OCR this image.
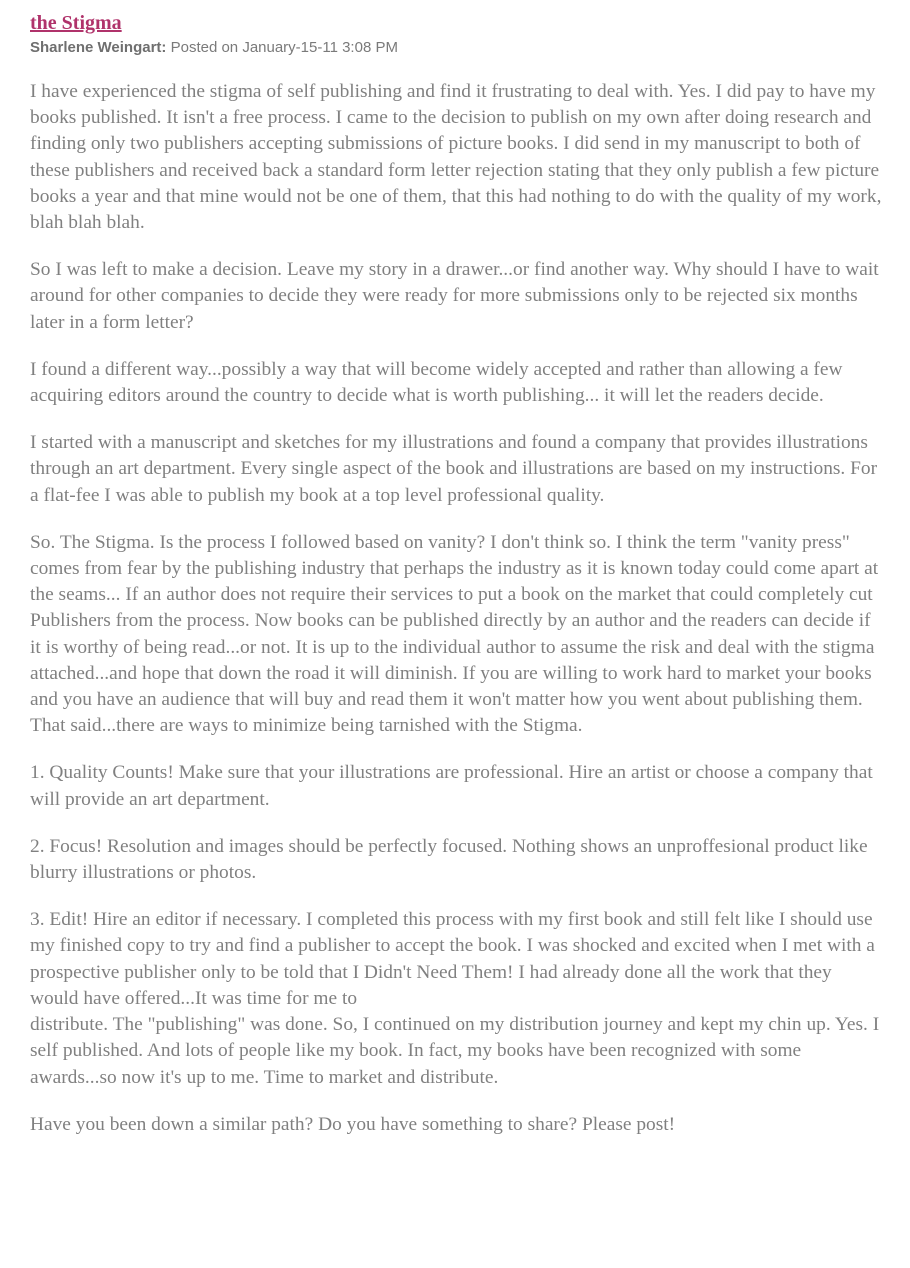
the Stigma
Sharlene Weingart: Posted on January-15-11 3:08 PM

I have experienced the stigma of self publishing and find it frustrating to deal with. Yes. I did pay to have my books published. It isn't a free process. I came to the decision to publish on my own after doing research and finding only two publishers accepting submissions of picture books. I did send in my manuscript to both of these publishers and received back a standard form letter rejection stating that they only publish a few picture books a year and that mine would not be one of them, that this had nothing to do with the quality of my work, blah blah blah.

So I was left to make a decision. Leave my story in a drawer...or find another way. Why should I have to wait around for other companies to decide they were ready for more submissions only to be rejected six months later in a form letter?

I found a different way...possibly a way that will become widely accepted and rather than allowing a few acquiring editors around the country to decide what is worth publishing... it will let the readers decide.

I started with a manuscript and sketches for my illustrations and found a company that provides illustrations through an art department. Every single aspect of the book and illustrations are based on my instructions. For a flat-fee I was able to publish my book at a top level professional quality.

So. The Stigma. Is the process I followed based on vanity? I don't think so. I think the term "vanity press" comes from fear by the publishing industry that perhaps the industry as it is known today could come apart at the seams... If an author does not require their services to put a book on the market that could completely cut Publishers from the process. Now books can be published directly by an author and the readers can decide if it is worthy of being read...or not. It is up to the individual author to assume the risk and deal with the stigma attached...and hope that down the road it will diminish. If you are willing to work hard to market your books and you have an audience that will buy and read them it won't matter how you went about publishing them. That said...there are ways to minimize being tarnished with the Stigma.

1. Quality Counts! Make sure that your illustrations are professional. Hire an artist or choose a company that will provide an art department.

2. Focus! Resolution and images should be perfectly focused. Nothing shows an unproffesional product like blurry illustrations or photos.

3. Edit! Hire an editor if necessary. I completed this process with my first book and still felt like I should use my finished copy to try and find a publisher to accept the book. I was shocked and excited when I met with a prospective publisher only to be told that I Didn't Need Them! I had already done all the work that they would have offered...It was time for me to
distribute. The "publishing" was done. So, I continued on my distribution journey and kept my chin up. Yes. I self published. And lots of people like my book. In fact, my books have been recognized with some awards...so now it's up to me. Time to market and distribute.

Have you been down a similar path? Do you have something to share? Please post!
